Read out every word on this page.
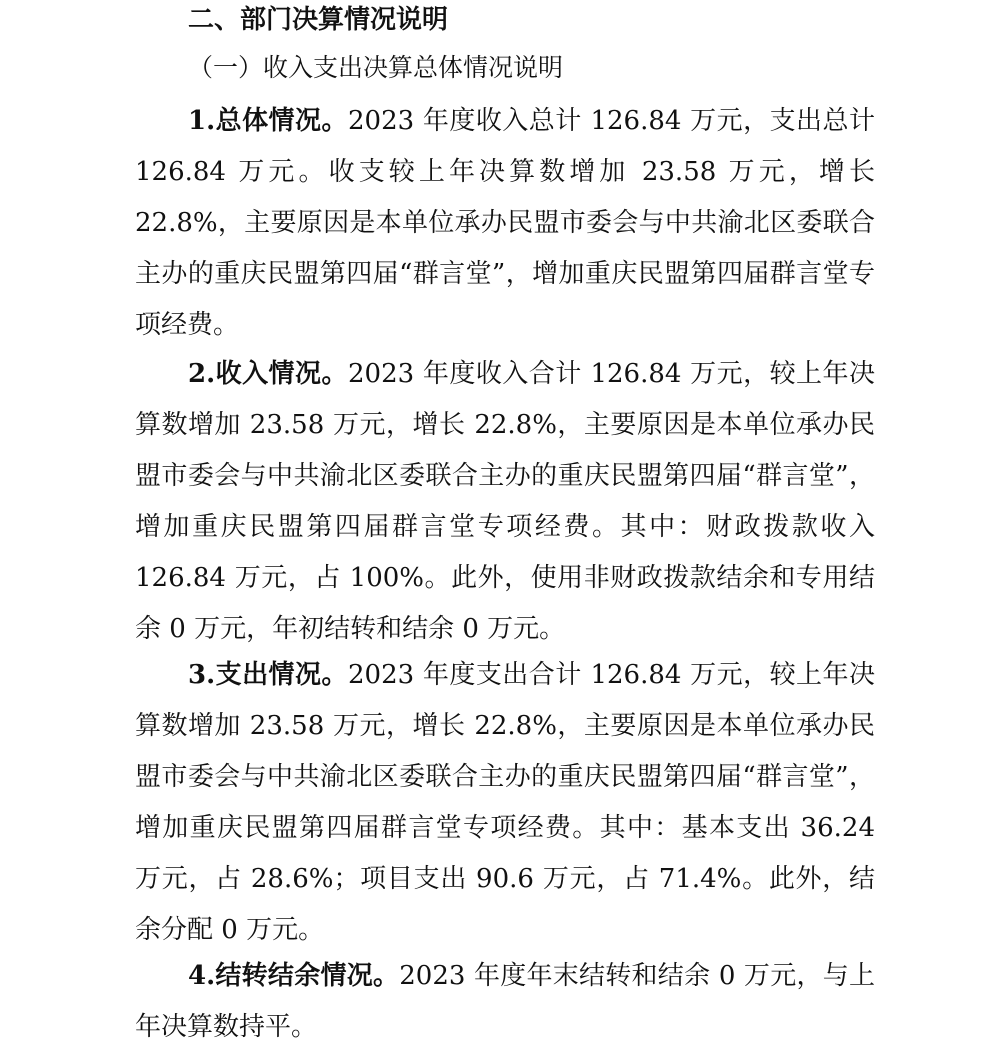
二、部门决算情况说明
（一）收入支出决算总体情况说明

1.总体情况。2023 年度收入总计 126.84 万元，支出总计 126.84 万元。收支较上年决算数增加 23.58 万元，增长 22.8%，主要原因是本单位承办民盟市委会与中共渝北区委联合主办的重庆民盟第四届“群言堂”，增加重庆民盟第四届群言堂专项经费。

2.收入情况。2023 年度收入合计 126.84 万元，较上年决算数增加 23.58 万元，增长 22.8%，主要原因是本单位承办民盟市委会与中共渝北区委联合主办的重庆民盟第四届“群言堂”，增加重庆民盟第四届群言堂专项经费。其中：财政拨款收入 126.84 万元，占 100%。此外，使用非财政拨款结余和专用结余 0 万元，年初结转和结余 0 万元。

3.支出情况。2023 年度支出合计 126.84 万元，较上年决算数增加 23.58 万元，增长 22.8%，主要原因是本单位承办民盟市委会与中共渝北区委联合主办的重庆民盟第四届“群言堂”，增加重庆民盟第四届群言堂专项经费。其中：基本支出 36.24 万元，占 28.6%；项目支出 90.6 万元，占 71.4%。此外，结余分配 0 万元。

4.结转结余情况。2023 年度年末结转和结余 0 万元，与上年决算数持平。
